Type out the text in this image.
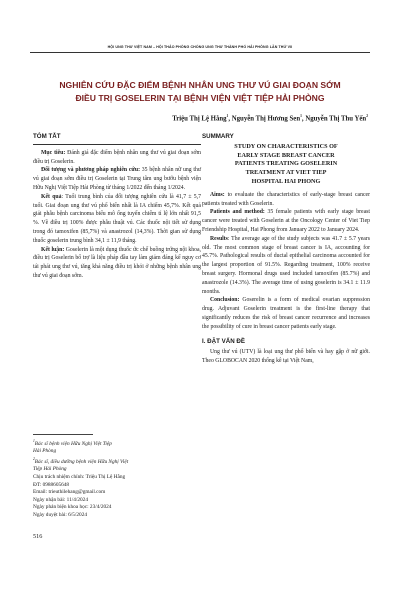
HỘI UNG THƯ VIỆT NAM – HỘI THẢO PHÒNG CHỐNG UNG THƯ THÀNH PHỐ HẢI PHÒNG LẦN THỨ VII
NGHIÊN CỨU ĐẶC ĐIỂM BỆNH NHÂN UNG THƯ VÚ GIAI ĐOẠN SỚM
ĐIỀU TRỊ GOSELERIN TẠI BỆNH VIỆN VIỆT TIỆP HẢI PHÒNG
Triệu Thị Lệ Hằng$^1$, Nguyễn Thị Hương Sen$^1$, Nguyễn Thị Thu Yến$^2$
TÓM TẮT

Mục tiêu: Đánh giá đặc điểm bệnh nhân ung thư vú giai đoạn sớm điều trị Goselerin.

Đối tượng và phương pháp nghiên cứu: 35 bệnh nhân nữ ung thư vú giai đoạn sớm điều trị Goselerin tại Trung tâm ung bướu bệnh viện Hữu Nghị Việt Tiệp Hải Phòng từ tháng 1/2022 đến tháng 1/2024.

Kết quả: Tuổi trung bình của đối tượng nghiên cứu là 41,7 ± 5,7 tuổi. Giai đoạn ung thư vú phổ biến nhất là IA chiếm 45,7%. Kết quả giải phẫu bệnh carcinoma biểu mô ống tuyến chiếm tỉ lệ lớn nhất 91,5 %. Về điều trị 100% được phẫu thuật vú. Các thuốc nội tiết sử dụng trong đó tamoxifen (85,7%) và anastrozol (14,3%). Thời gian sử dụng thuốc goselerin trung bình 34,1 ± 11,9 tháng.

Kết luận: Goselerin là một dụng thuốc ức chế buồng trứng nội khoa, điều trị Goselerin bổ trợ là liệu pháp đầu tay làm giảm đáng kể nguy cơ tái phát ung thư vú, tăng khả năng điều trị khỏi ở những bệnh nhân ung thư vú giai đoạn sớm.

$^1$Bác sĩ bệnh viện Hữu Nghị Việt Tiệp
Hải Phòng
$^2$Bác sĩ, điều dưỡng bệnh viện Hữu Nghị Việt
Tiệp Hải Phòng
Chịu trách nhiệm chính: Triệu Thị Lệ Hằng
ĐT: 0988605648
Email: trieuthilehang@gmail.com
Ngày nhận bài: 11/4/2024
Ngày phản biện khoa học: 23/4/2024
Ngày duyệt bài: 6/5/2024
516
SUMMARY
STUDY ON CHARACTERISTICS OF
EARLY STAGE BREAST CANCER
PATIENTS TREATING GOSELERIN
TREATMENT AT VIET TIEP
HOSPITAL HAI PHONG

Aims: to evaluate the characteristics of early-stage breast cancer patients treated with Goselerin.

Patients and method: 35 female patients with early stage breast cancer were treated with Goselerin at the Oncology Center of Viet Tiep Friendship Hospital, Hai Phong from January 2022 to January 2024.

Results: The average age of the study subjects was 41.7 ± 5.7 years old. The most common stage of breast cancer is IA, accounting for 45.7%. Pathological results of ductal epithelial carcinoma accounted for the largest proportion of 91.5%. Regarding treatment, 100% receive breast surgery. Hormonal drugs used included tamoxifen (85.7%) and anastrozole (14.3%). The average time of using goselerin is 34.1 ± 11.9 months.

Conclusion: Goserelin is a form of medical ovarian suppression drug. Adjuvant Goselerin treatment is the first-line therapy that significantly reduces the risk of breast cancer recurrence and increases the possibility of cure in breast cancer patients early stage.

I. ĐẶT VẤN ĐỀ

Ung thư vú (UTV) là loại ung thư phổ biến và hay gặp ở nữ giới. Theo GLOBOCAN 2020 thống kê tại Việt Nam,
